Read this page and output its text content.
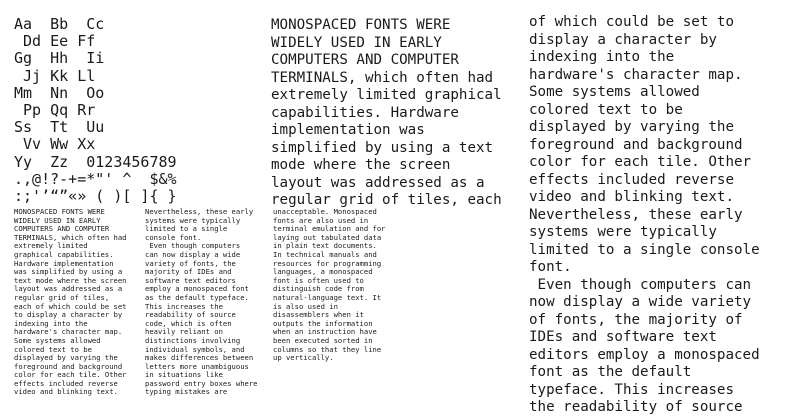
Aa  Bb  Cc
Dd Ee Ff
Gg  Hh  Ii
Jj Kk Ll
Mm  Nn  Oo
Pp Qq Rr
Ss  Tt  Uu
Vv Ww Xx
Yy  Zz  0123456789
.,@!?-+=*"' ^  $&%
:;'’“”«» ( )[ ]{ }

MONOSPACED FONTS WERE
WIDELY USED IN EARLY
COMPUTERS AND COMPUTER
TERMINALS, which often had
extremely limited
graphical capabilities.
Hardware implementation
was simplified by using a
text mode where the screen
layout was addressed as a
regular grid of tiles,
each of which could be set
to display a character by
indexing into the
hardware's character map.
Some systems allowed
colored text to be
displayed by varying the
foreground and background
color for each tile. Other
effects included reverse
video and blinking text.

Nevertheless, these early
systems were typically
limited to a single
console font.

Even though computers
can now display a wide
variety of fonts, the
majority of IDEs and
software text editors
employ a monospaced font
as the default typeface.
This increases the
readability of source
code, which is often
heavily reliant on
distinctions involving
individual symbols, and
makes differences between
letters more unambiguous
in situations like
password entry boxes where
typing mistakes are

unacceptable. Monospaced
fonts are also used in
terminal emulation and for
laying out tabulated data
in plain text documents.
In technical manuals and
resources for programming
languages, a monospaced
font is often used to
distinguish code from
natural-language text. It
is also used in
disassemblers when it
outputs the information
when an instruction have
been executed sorted in
columns so that they line
up vertically.

MONOSPACED FONTS WERE
WIDELY USED IN EARLY
COMPUTERS AND COMPUTER
TERMINALS, which often had
extremely limited graphical
capabilities. Hardware
implementation was
simplified by using a text
mode where the screen
layout was addressed as a
regular grid of tiles, each

of which could be set to
display a character by
indexing into the
hardware's character map.
Some systems allowed
colored text to be
displayed by varying the
foreground and background
color for each tile. Other
effects included reverse
video and blinking text.
Nevertheless, these early
systems were typically
limited to a single console
font.

Even though computers can
now display a wide variety
of fonts, the majority of
IDEs and software text
editors employ a monospaced
font as the default
typeface. This increases
the readability of source
